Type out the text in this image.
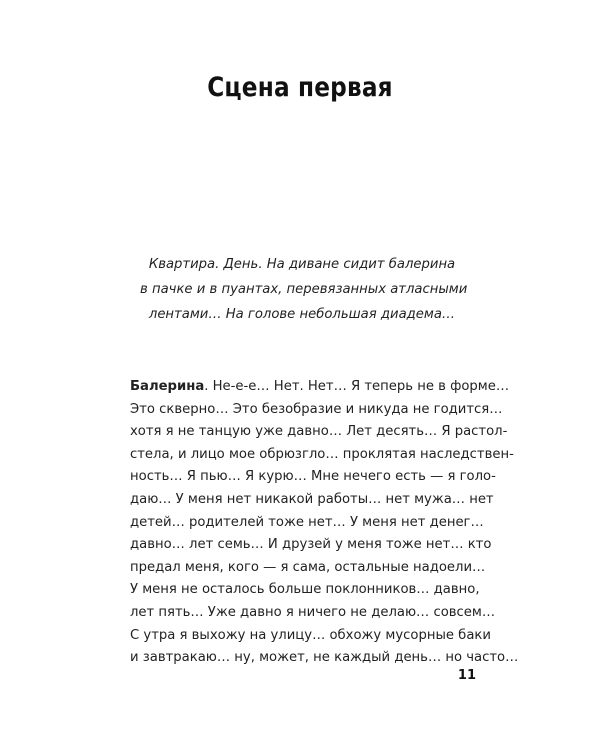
Сцена первая
Квартира. День. На диване сидит балерина
в пачке и в пуантах, перевязанных атласными
лентами… На голове небольшая диадема…
Балерина. Не-е-е… Нет. Нет… Я теперь не в форме…
Это скверно… Это безобразие и никуда не годится…
хотя я не танцую уже давно… Лет десять… Я растол-
стела, и лицо мое обрюзгло… проклятая наследствен-
ность… Я пью… Я курю… Мне нечего есть — я голо-
даю… У меня нет никакой работы… нет мужа… нет
детей… родителей тоже нет… У меня нет денег…
давно… лет семь… И друзей у меня тоже нет… кто
предал меня, кого — я сама, остальные надоели…
У меня не осталось больше поклонников… давно,
лет пять… Уже давно я ничего не делаю… совсем…
С утра я выхожу на улицу… обхожу мусорные баки
и завтракаю… ну, может, не каждый день… но часто…
11
